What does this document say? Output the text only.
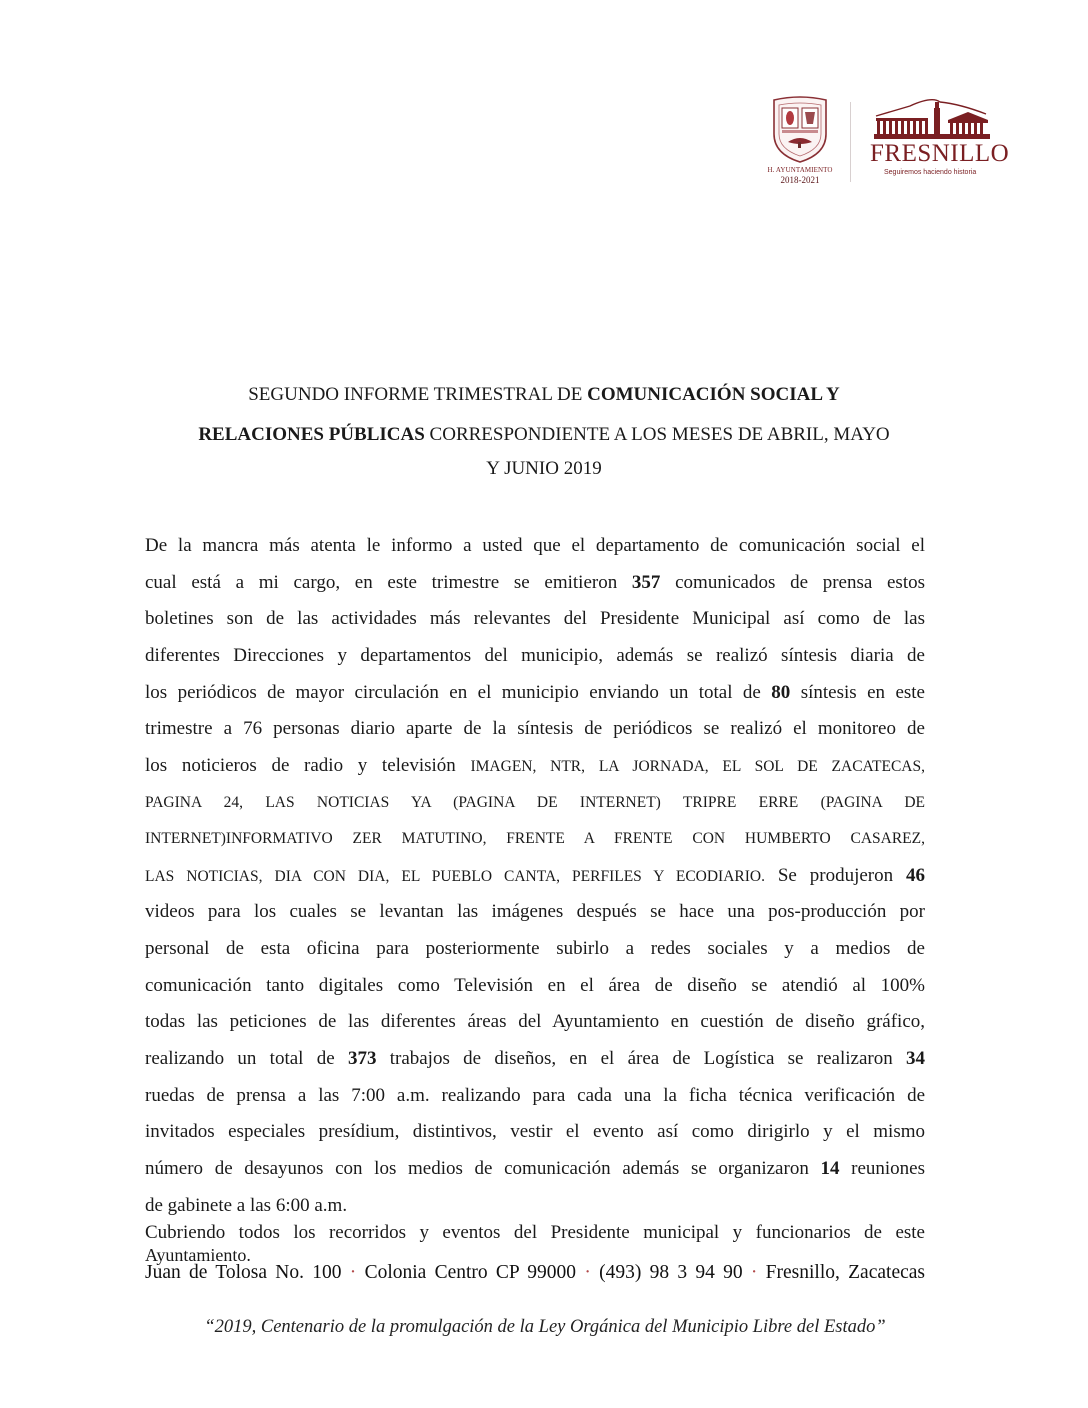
H. AYUNTAMIENTO
2018-2021
FRESNILLO
Seguiremos haciendo historia
SEGUNDO INFORME TRIMESTRAL DE COMUNICACIÓN SOCIAL Y
RELACIONES PÚBLICAS CORRESPONDIENTE A LOS MESES DE ABRIL, MAYO
Y JUNIO 2019
De la mancra más atenta le informo a usted que el departamento de comunicación social el
cual está a mi cargo, en este trimestre se emitieron 357 comunicados de prensa estos
boletines son de las actividades más relevantes del Presidente Municipal así como de las
diferentes Direcciones y departamentos del municipio, además se realizó síntesis diaria de
los periódicos de mayor circulación en el municipio enviando un total de 80 síntesis en este
trimestre a 76 personas diario aparte de la síntesis de periódicos se realizó el monitoreo de
los noticieros de radio y televisión IMAGEN, NTR, LA JORNADA, EL SOL DE ZACATECAS,
PAGINA 24, LAS NOTICIAS YA (PAGINA DE INTERNET) TRIPRE ERRE (PAGINA DE
INTERNET)INFORMATIVO ZER MATUTINO, FRENTE A FRENTE CON HUMBERTO CASAREZ,
LAS NOTICIAS, DIA CON DIA, EL PUEBLO CANTA, PERFILES Y ECODIARIO. Se produjeron 46
videos para los cuales se levantan las imágenes después se hace una pos-producción por
personal de esta oficina para posteriormente subirlo a redes sociales y a medios de
comunicación tanto digitales como Televisión en el área de diseño se atendió al 100%
todas las peticiones de las diferentes áreas del Ayuntamiento en cuestión de diseño gráfico,
realizando un total de 373 trabajos de diseños, en el área de Logística se realizaron 34
ruedas de prensa a las 7:00 a.m. realizando para cada una la ficha técnica verificación de
invitados especiales presídium, distintivos, vestir el evento así como dirigirlo y el mismo
número de desayunos con los medios de comunicación además se organizaron 14 reuniones
de gabinete a las 6:00 a.m.
Cubriendo todos los recorridos y eventos del Presidente municipal y funcionarios de este
Ayuntamiento.
Juan de Tolosa No. 100 · Colonia Centro CP 99000 · (493) 98 3 94 90 · Fresnillo, Zacatecas
“2019, Centenario de la promulgación de la Ley Orgánica del Municipio Libre del Estado”
